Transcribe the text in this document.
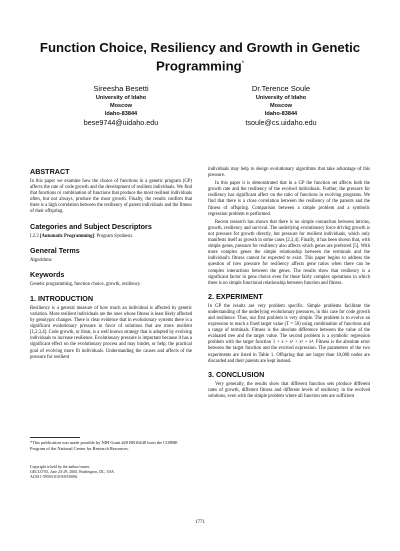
Function Choice, Resiliency and Growth in Genetic Programming*
Sireesha Besetti
University of Idaho
Moscow
Idaho-83844
bese9744@uidaho.edu
Dr.Terence Soule
University of Idaho
Moscow
Idaho-83844
tsoule@cs.uidaho.edu
ABSTRACT

In this paper we examine how the choice of functions in a genetic program (GP) affects the rate of code growth and the development of resilient individuals. We find that functions or combination of functions that produce the most resilient individuals often, but not always, produce the most growth. Finally, the results confirm that there is a high correlation between the resiliency of parent individuals and the fitness of their offspring.

Categories and Subject Descriptors

I.2.2 [Automatic Programming]: Program Synthesis

General Terms

Algorithms

Keywords

Genetic programming, function choice, growth, resiliency

1. INTRODUCTION

Resiliency is a general measure of how much an individual is affected by genetic variation. More resilient individuals are the ones whose fitness is least likely affected by genotypic changes. There is clear evidence that in evolutionary systems there is a significant evolutionary pressure in favor of solutions that are more resilient [1,2,3,4]. Code growth, or bloat, is a well known strategy that is adopted by evolving individuals to increase resilience. Evolutionary pressure is important because it has a significant effect on the evolutionary process and may hinder, or help, the practical goal of evolving more fit individuals. Understanding the causes and affects of the pressure for resilient

*This publication was made possible by NIH Grant #20 RR16448 from the COBRE Program of the National Center for Research Resources.
Copyright is held by the author/owner.
GECCO'05, June 25-29, 2005, Washington, DC, USA.
ACM 1-59593-010-8/05/0006.

individuals may help to design evolutionary algorithms that take advantage of this pressure.

In this paper it is demonstrated that in a GP the function set affects both the growth rate and the resiliency of the evolved individuals. Further, the pressure for resiliency has significant affect on the ratio of functions in evolving programs. We find that there is a close correlation between the resiliency of the parents and the fitness of offspring. Comparison between a simple problem and a symbolic regression problem is performed.

Recent research has shown that there is no simple connection between introns, growth, resiliency and survival. The underlying evolutionary force driving growth is not pressure for growth directly, but pressure for resilient individuals, which only manifests itself as growth in some cases [2,3,4]. Finally, it has been shown that, with simple genes, pressure for resiliency also affects which genes are preferred [5]. With more complex genes the simple relationship between the terminals and the individual's fitness cannot be expected to exist. This paper begins to address the question of how pressure for resiliency affects gene ratios when there can be complex interactions between the genes. The results show that resiliency is a significant factor in gene choice even for these fairly complex operations in which there is no simple functional relationship between function and fitness.

2. EXPERIMENT

In GP the results are very problem specific. Simple problems facilitate the understanding of the underlying evolutionary pressures, in this case for code growth and resilience. Thus, our first problem is very simple. The problem is to evolve an expression to reach a fixed target value (T = 50) using combination of functions and a range of terminals. Fitness is the absolute difference between the value of the evaluated tree and the target value. The second problem is a symbolic regression problem with the target function 1 + x + x² + x³ + x⁴. Fitness is the absolute error between the target function and the evolved expression. The parameters of the two experiments are listed in Table 1. Offspring that are larger than 10,000 nodes are discarded and their parents are kept instead.

3. CONCLUSION

Very generally, the results show that different function sets produce different rates of growth, different fitness and different levels of resiliency in the evolved solutions, even with the simple problem where all function sets are sufficient

1771
